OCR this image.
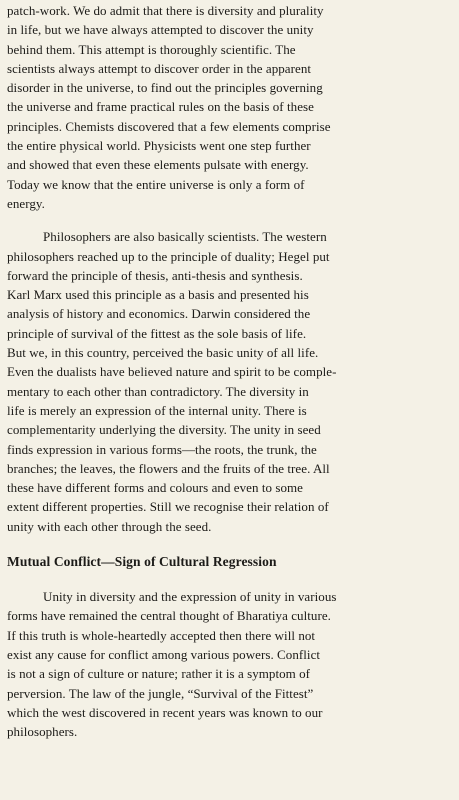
patch-work. We do admit that there is diversity and plurality
in life, but we have always attempted to discover the unity
behind them. This attempt is thoroughly scientific. The
scientists always attempt to discover order in the apparent
disorder in the universe, to find out the principles governing
the universe and frame practical rules on the basis of these
principles. Chemists discovered that a few elements comprise
the entire physical world. Physicists went one step further
and showed that even these elements pulsate with energy.
Today we know that the entire universe is only a form of
energy.

Philosophers are also basically scientists. The western
philosophers reached up to the principle of duality; Hegel put
forward the principle of thesis, anti-thesis and synthesis.
Karl Marx used this principle as a basis and presented his
analysis of history and economics. Darwin considered the
principle of survival of the fittest as the sole basis of life.
But we, in this country, perceived the basic unity of all life.
Even the dualists have believed nature and spirit to be comple-
mentary to each other than contradictory. The diversity in
life is merely an expression of the internal unity. There is
complementarity underlying the diversity. The unity in seed
finds expression in various forms—the roots, the trunk, the
branches; the leaves, the flowers and the fruits of the tree. All
these have different forms and colours and even to some
extent different properties. Still we recognise their relation of
unity with each other through the seed.

Mutual Conflict—Sign of Cultural Regression

Unity in diversity and the expression of unity in various
forms have remained the central thought of Bharatiya culture.
If this truth is whole-heartedly accepted then there will not
exist any cause for conflict among various powers. Conflict
is not a sign of culture or nature; rather it is a symptom of
perversion. The law of the jungle, “Survival of the Fittest”
which the west discovered in recent years was known to our
philosophers.
